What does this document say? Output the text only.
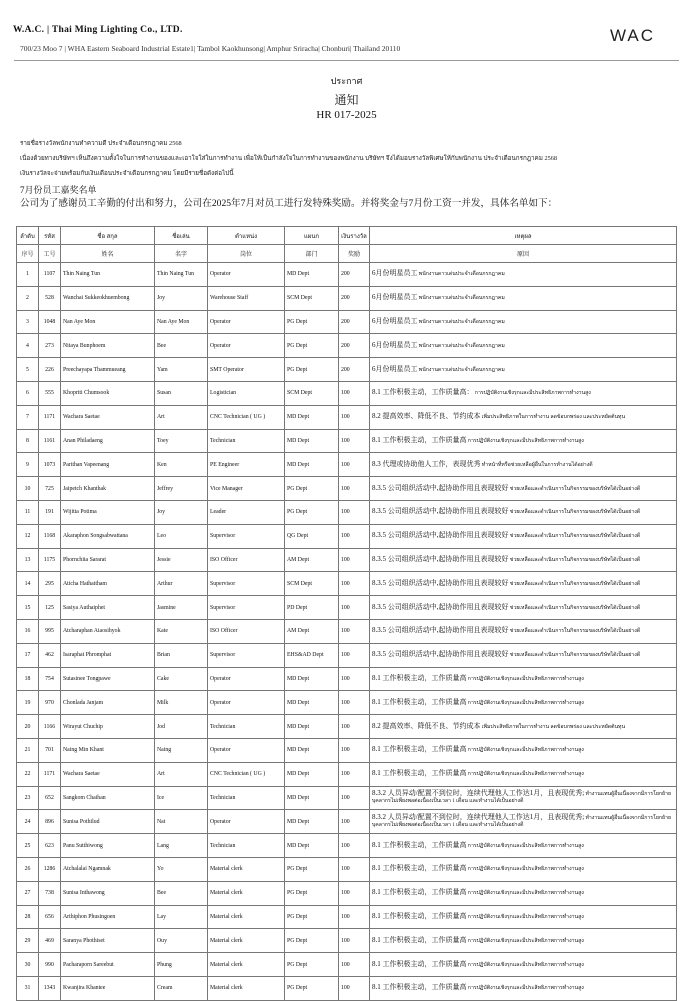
W.A.C. | Thai Ming Lighting Co., LTD.
700/23 Moo 7 | WHA Eastern Seaboard Industrial Estate1| Tambol Kaokhunsong| Amphur Sriracha| Chonburi| Thailand 20110
WAC
ประกาศ
通知
HR 017-2025
รายชื่อรางวัลพนักงานทำความดี ประจำเดือนกรกฎาคม 2568
เนื่องด้วยทางบริษัทฯ เห็นถึงความตั้งใจในการทำงานของและเอาใจใส่ในการทำงาน เพื่อให้เป็นกำลังใจในการทำงานของพนักงาน บริษัทฯ จึงได้มอบรางวัลพิเศษให้กับพนักงาน ประจำเดือนกรกฎาคม 2568
เงินรางวัลจะจ่ายพร้อมกับเงินเดือนประจำเดือนกรกฎาคม โดยมีรายชื่อดังต่อไปนี้
7月份员工嘉奖名单
公司为了感谢员工辛勤的付出和努力，公司在2025年7月对员工进行发特殊奖励。并将奖金与7月份工资一并发，具体名单如下：
ลำดับ	รหัส	ชื่อ สกุล	ชื่อเล่น	ตำแหน่ง	แผนก	เงินรางวัล	เหตุผล
序号	工号	姓名	名字	岗位	部门	奖励	原因
1	1107	Thin Naing Tun	Thin Naing Tun	Operator	MD Dept	200	6月份明星员工 พนักงานดาวเด่นประจำเดือนกรกฎาคม
2	528	Wanchai Sukkeokhuembong	Joy	Warehouse Staff	SCM Dept	200	6月份明星员工 พนักงานดาวเด่นประจำเดือนกรกฎาคม
3	1048	Nan Aye Mon	Nan Aye Mon	Operator	PG Dept	200	6月份明星员工 พนักงานดาวเด่นประจำเดือนกรกฎาคม
4	273	Nitaya Bunphoem	Bee	Operator	PG Dept	200	6月份明星员工 พนักงานดาวเด่นประจำเดือนกรกฎาคม
5	226	Preechayapa Thammueang	Yam	SMT Operator	PG Dept	200	6月份明星员工 พนักงานดาวเด่นประจำเดือนกรกฎาคม
6	555	Khopriti Chumsook	Susan	Logistician	SCM Dept	100	8.1 工作积极主动，工作质量高： การปฏิบัติงานเชิงรุกและมีประสิทธิภาพการทำงานสูง
7	1171	Wachara Saetae	Art	CNC Technician ( UG )	MD Dept	100	8.2 提高效率、降低不良、节约成本 เพิ่มประสิทธิภาพในการทำงาน ลดข้อบกพร่อง และประหยัดต้นทุน
8	1161	Anan Philadaeng	Toey	Technician	MD Dept	100	8.1 工作积极主动，工作质量高 การปฏิบัติงานเชิงรุกและมีประสิทธิภาพการทำงานสูง
9	1073	Parithan Vapeenang	Ken	PE Engineer	MD Dept	100	8.3 代理或协助他人工作，表现优秀 ทำหน้าที่หรือช่วยเหลือผู้อื่นในการทำงานได้อย่างดี
10	725	Jaipetch Khanthak	Jeffrey	Vice Manager	PG Dept	100	8.3.5 公司组织活动中,起协助作用且表现较好 ช่วยเหลือและดำเนินการในกิจกรรมของบริษัทได้เป็นอย่างดี
11	191	Wijitta Potima	Joy	Leader	PG Dept	100	8.3.5 公司组织活动中,起协助作用且表现较好 ช่วยเหลือและดำเนินการในกิจกรรมของบริษัทได้เป็นอย่างดี
12	1168	Akaraphon Songsabwattana	Leo	Supervisor	QG Dept	100	8.3.5 公司组织活动中,起协助作用且表现较好 ช่วยเหลือและดำเนินการในกิจกรรมของบริษัทได้เป็นอย่างดี
13	1175	Phornchita Sararat	Jessie	ISO Officer	AM Dept	100	8.3.5 公司组织活动中,起协助作用且表现较好 ช่วยเหลือและดำเนินการในกิจกรรมของบริษัทได้เป็นอย่างดี
14	295	Aticha Hathaitham	Arthur	Supervisor	SCM Dept	100	8.3.5 公司组织活动中,起协助作用且表现较好 ช่วยเหลือและดำเนินการในกิจกรรมของบริษัทได้เป็นอย่างดี
15	125	Sasiya Authaiphet	Jasmine	Supervisor	PD Dept	100	8.3.5 公司组织活动中,起协助作用且表现较好 ช่วยเหลือและดำเนินการในกิจกรรมของบริษัทได้เป็นอย่างดี
16	995	Atcharaphan Aiaosihyok	Kate	ISO Officer	AM Dept	100	8.3.5 公司组织活动中,起协助作用且表现较好 ช่วยเหลือและดำเนินการในกิจกรรมของบริษัทได้เป็นอย่างดี
17	462	Isaraphat Phromphat	Brian	Supervisor	EHS&AD Dept	100	8.3.5 公司组织活动中,起协助作用且表现较好 ช่วยเหลือและดำเนินการในกิจกรรมของบริษัทได้เป็นอย่างดี
18	754	Sutasinee Tongpawe	Cake	Operator	MD Dept	100	8.1 工作积极主动，工作质量高 การปฏิบัติงานเชิงรุกและมีประสิทธิภาพการทำงานสูง
19	970	Chonlada Janjam	Milk	Operator	MD Dept	100	8.1 工作积极主动，工作质量高 การปฏิบัติงานเชิงรุกและมีประสิทธิภาพการทำงานสูง
20	1166	Wirayut Chuchip	Jod	Technician	MD Dept	100	8.2 提高效率、降低不良、节约成本 เพิ่มประสิทธิภาพในการทำงาน ลดข้อบกพร่อง และประหยัดต้นทุน
21	701	Naing Min Khant	Naing	Operator	MD Dept	100	8.1 工作积极主动，工作质量高 การปฏิบัติงานเชิงรุกและมีประสิทธิภาพการทำงานสูง
22	1171	Wachara Saetae	Art	CNC Technician ( UG )	MD Dept	100	8.1 工作积极主动，工作质量高 การปฏิบัติงานเชิงรุกและมีประสิทธิภาพการทำงานสูง
23	652	Sangkom Chaihan	Ice	Technician	MD Dept	100	8.3.2 人员异动/配置不到位时，连续代理他人工作达1月，且表现优秀; ทำงานแทนผู้อื่นเนื่องจากมีการโยกย้ายบุคลากรไม่เพียงพอต่อเนื่องเป็นเวลา 1 เดือน และทำงานได้เป็นอย่างดี
24	896	Sunisa Pothilud	Nat	Operator	MD Dept	100	8.3.2 人员异动/配置不到位时，连续代理他人工作达1月，且表现优秀; ทำงานแทนผู้อื่นเนื่องจากมีการโยกย้ายบุคลากรไม่เพียงพอต่อเนื่องเป็นเวลา 1 เดือน และทำงานได้เป็นอย่างดี
25	623	Panu Sutthiwong	Lang	Technician	MD Dept	100	8.1 工作积极主动，工作质量高 การปฏิบัติงานเชิงรุกและมีประสิทธิภาพการทำงานสูง
26	1286	Atchalalai Ngamnak	Yo	Material clerk	PG Dept	100	8.1 工作积极主动，工作质量高 การปฏิบัติงานเชิงรุกและมีประสิทธิภาพการทำงานสูง
27	738	Sunisa Inthawong	Bee	Material clerk	PG Dept	100	8.1 工作积极主动，工作质量高 การปฏิบัติงานเชิงรุกและมีประสิทธิภาพการทำงานสูง
28	656	Arthiphon Phusingoen	Lay	Material clerk	PG Dept	100	8.1 工作积极主动，工作质量高 การปฏิบัติงานเชิงรุกและมีประสิทธิภาพการทำงานสูง
29	469	Saranya Phothiset	Ouy	Material clerk	PG Dept	100	8.1 工作积极主动，工作质量高 การปฏิบัติงานเชิงรุกและมีประสิทธิภาพการทำงานสูง
30	990	Pacharaporn Sareebut	Phung	Material clerk	PG Dept	100	8.1 工作积极主动，工作质量高 การปฏิบัติงานเชิงรุกและมีประสิทธิภาพการทำงานสูง
31	1343	Kwanjira Khantee	Cream	Material clerk	PG Dept	100	8.1 工作积极主动，工作质量高 การปฏิบัติงานเชิงรุกและมีประสิทธิภาพการทำงานสูง
